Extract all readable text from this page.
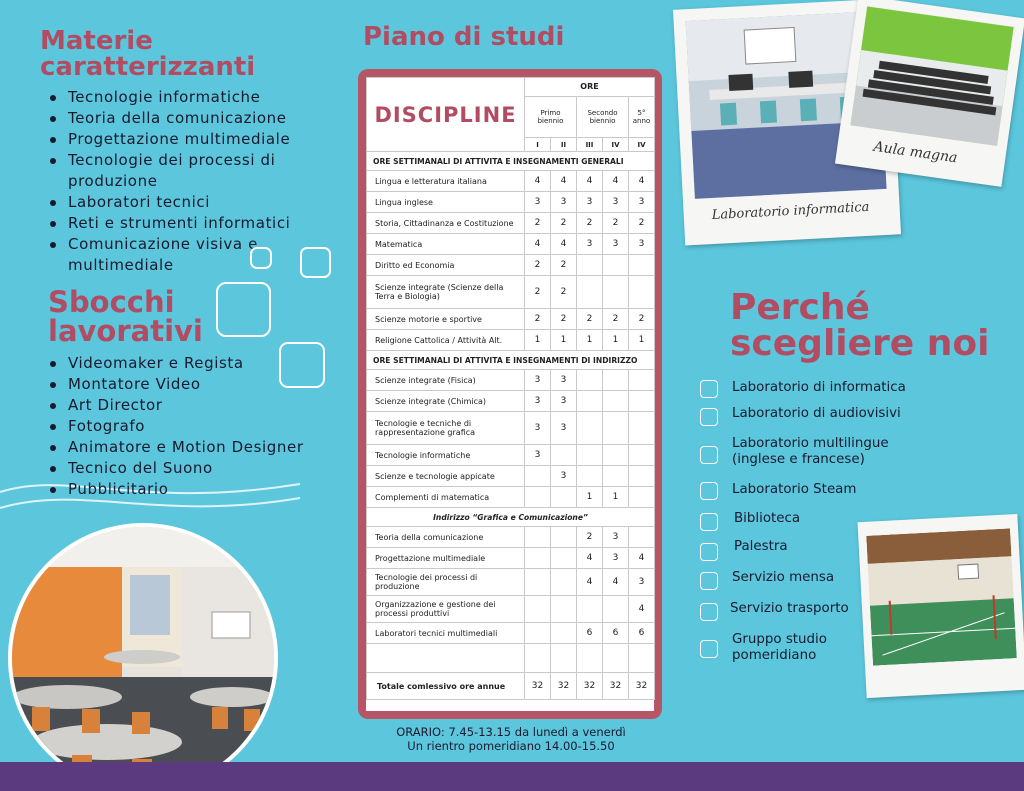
Materie
caratterizzanti
Tecnologie informatiche
Teoria della comunicazione
Progettazione multimediale
Tecnologie dei processi di produzione
Laboratori tecnici
Reti e strumenti informatici
Comunicazione visiva e multimediale
Sbocchi
lavorativi
Videomaker e Regista
Montatore Video
Art Director
Fotografo
Animatore e Motion Designer
Tecnico del Suono
Pubblicitario
Piano di studi
DISCIPLINE	ORE				
	Primo biennio		Secondo biennio		5° anno
	I	II	III	IV	IV
ORE SETTIMANALI DI ATTIVITA E INSEGNAMENTI GENERALI					
Lingua e letteratura italiana	4	4	4	4	4
Lingua inglese	3	3	3	3	3
Storia, Cittadinanza e Costituzione	2	2	2	2	2
Matematica	4	4	3	3	3
Diritto ed Economia	2	2			
Scienze integrate (Scienze della Terra e Biologia)	2	2			
Scienze motorie e sportive	2	2	2	2	2
Religione Cattolica / Attività Alt.	1	1	1	1	1
ORE SETTIMANALI DI ATTIVITA E INSEGNAMENTI DI INDIRIZZO					
Scienze integrate (Fisica)	3	3			
Scienze integrate (Chimica)	3	3			
Tecnologie e tecniche di rappresentazione grafica	3	3			
Tecnologie informatiche	3				
Scienze e tecnologie appicate		3			
Complementi di matematica			1	1	
Indirizzo “Grafica e Comunicazione”					
Teoria della comunicazione			2	3	
Progettazione multimediale			4	3	4
Tecnologie dei processi di produzione			4	4	3
Organizzazione e gestione dei processi produttivi					4
Laboratori tecnici multimediali			6	6	6

Totale comlessivo ore annue	32	32	32	32	32
ORARIO: 7.45-13.15 da lunedì a venerdì
Un rientro pomeridiano 14.00-15.50
Laboratorio informatica
Aula magna
Perché
scegliere noi
Laboratorio di informatica
Laboratorio di audiovisivi
Laboratorio multilingue (inglese e francese)
Laboratorio Steam
Biblioteca
Palestra
Servizio mensa
Servizio trasporto
Gruppo studio pomeridiano
